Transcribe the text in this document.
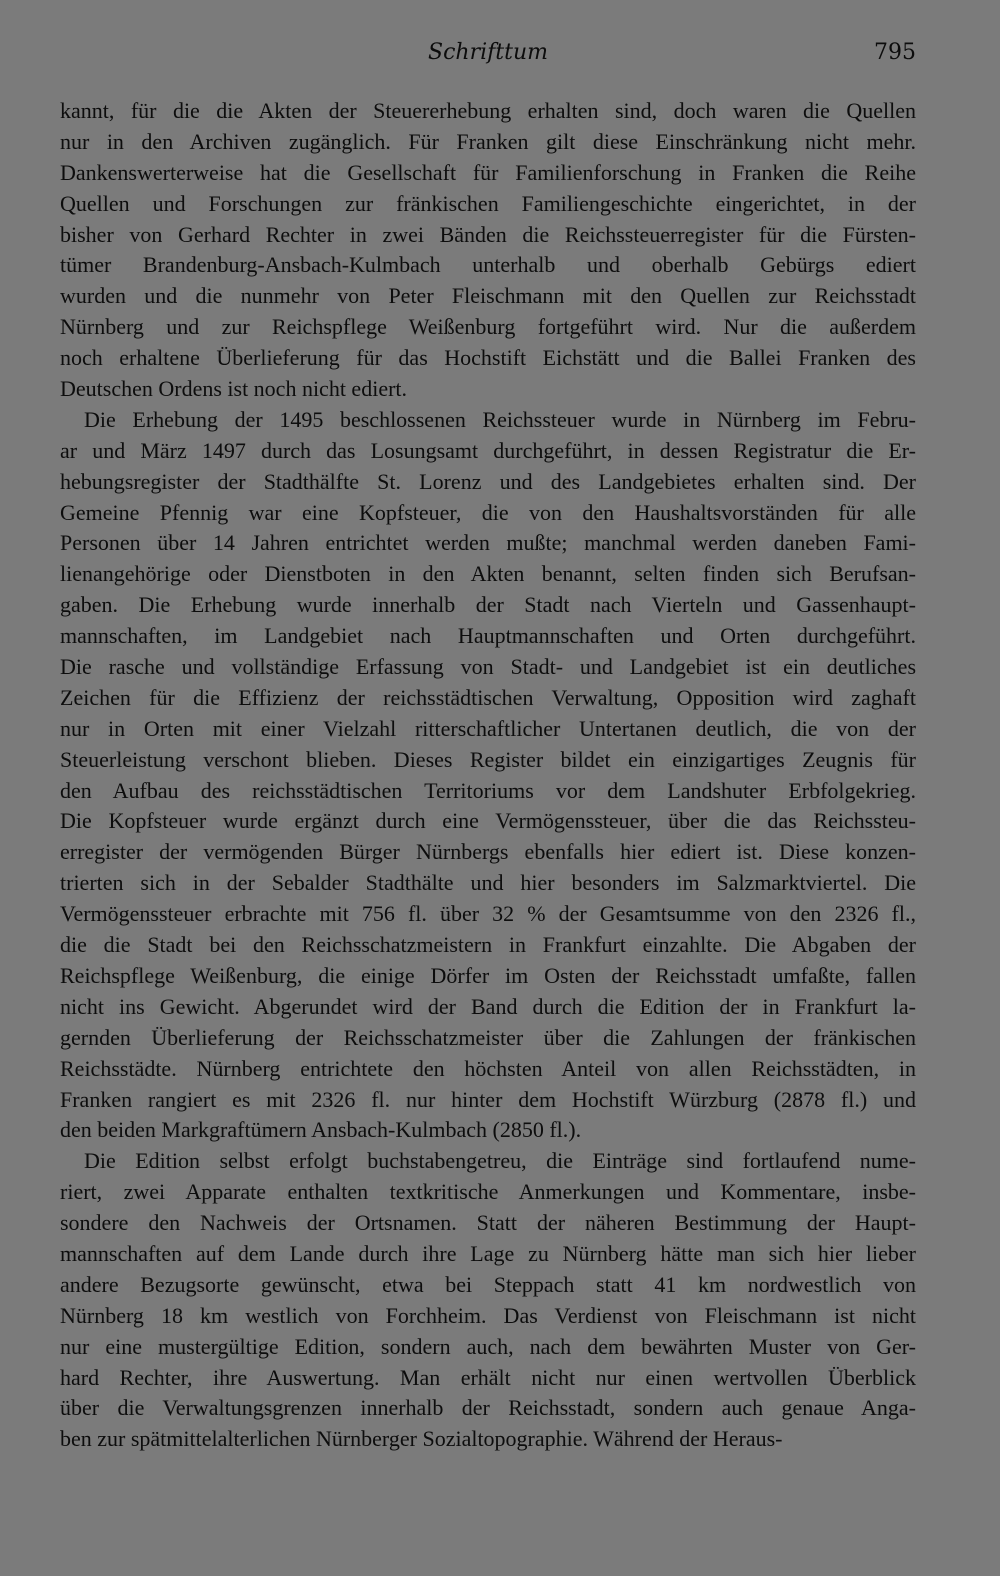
Schrifttum	795
kannt, für die die Akten der Steuererhebung erhalten sind, doch waren die Quellen
nur in den Archiven zugänglich. Für Franken gilt diese Einschränkung nicht mehr.
Dankenswerterweise hat die Gesellschaft für Familienforschung in Franken die Reihe
Quellen und Forschungen zur fränkischen Familiengeschichte eingerichtet, in der
bisher von Gerhard Rechter in zwei Bänden die Reichssteuerregister für die Fürsten-
tümer Brandenburg-Ansbach-Kulmbach unterhalb und oberhalb Gebürgs ediert
wurden und die nunmehr von Peter Fleischmann mit den Quellen zur Reichsstadt
Nürnberg und zur Reichspflege Weißenburg fortgeführt wird. Nur die außerdem
noch erhaltene Überlieferung für das Hochstift Eichstätt und die Ballei Franken des
Deutschen Ordens ist noch nicht ediert.
Die Erhebung der 1495 beschlossenen Reichssteuer wurde in Nürnberg im Febru-
ar und März 1497 durch das Losungsamt durchgeführt, in dessen Registratur die Er-
hebungsregister der Stadthälfte St. Lorenz und des Landgebietes erhalten sind. Der
Gemeine Pfennig war eine Kopfsteuer, die von den Haushaltsvorständen für alle
Personen über 14 Jahren entrichtet werden mußte; manchmal werden daneben Fami-
lienangehörige oder Dienstboten in den Akten benannt, selten finden sich Berufsan-
gaben. Die Erhebung wurde innerhalb der Stadt nach Vierteln und Gassenhaupt-
mannschaften, im Landgebiet nach Hauptmannschaften und Orten durchgeführt.
Die rasche und vollständige Erfassung von Stadt- und Landgebiet ist ein deutliches
Zeichen für die Effizienz der reichsstädtischen Verwaltung, Opposition wird zaghaft
nur in Orten mit einer Vielzahl ritterschaftlicher Untertanen deutlich, die von der
Steuerleistung verschont blieben. Dieses Register bildet ein einzigartiges Zeugnis für
den Aufbau des reichsstädtischen Territoriums vor dem Landshuter Erbfolgekrieg.
Die Kopfsteuer wurde ergänzt durch eine Vermögenssteuer, über die das Reichssteu-
erregister der vermögenden Bürger Nürnbergs ebenfalls hier ediert ist. Diese konzen-
trierten sich in der Sebalder Stadthälte und hier besonders im Salzmarktviertel. Die
Vermögenssteuer erbrachte mit 756 fl. über 32 % der Gesamtsumme von den 2326 fl.,
die die Stadt bei den Reichsschatzmeistern in Frankfurt einzahlte. Die Abgaben der
Reichspflege Weißenburg, die einige Dörfer im Osten der Reichsstadt umfaßte, fallen
nicht ins Gewicht. Abgerundet wird der Band durch die Edition der in Frankfurt la-
gernden Überlieferung der Reichsschatzmeister über die Zahlungen der fränkischen
Reichsstädte. Nürnberg entrichtete den höchsten Anteil von allen Reichsstädten, in
Franken rangiert es mit 2326 fl. nur hinter dem Hochstift Würzburg (2878 fl.) und
den beiden Markgraftümern Ansbach-Kulmbach (2850 fl.).
Die Edition selbst erfolgt buchstabengetreu, die Einträge sind fortlaufend nume-
riert, zwei Apparate enthalten textkritische Anmerkungen und Kommentare, insbe-
sondere den Nachweis der Ortsnamen. Statt der näheren Bestimmung der Haupt-
mannschaften auf dem Lande durch ihre Lage zu Nürnberg hätte man sich hier lieber
andere Bezugsorte gewünscht, etwa bei Steppach statt 41 km nordwestlich von
Nürnberg 18 km westlich von Forchheim. Das Verdienst von Fleischmann ist nicht
nur eine mustergültige Edition, sondern auch, nach dem bewährten Muster von Ger-
hard Rechter, ihre Auswertung. Man erhält nicht nur einen wertvollen Überblick
über die Verwaltungsgrenzen innerhalb der Reichsstadt, sondern auch genaue Anga-
ben zur spätmittelalterlichen Nürnberger Sozialtopographie. Während der Heraus-
